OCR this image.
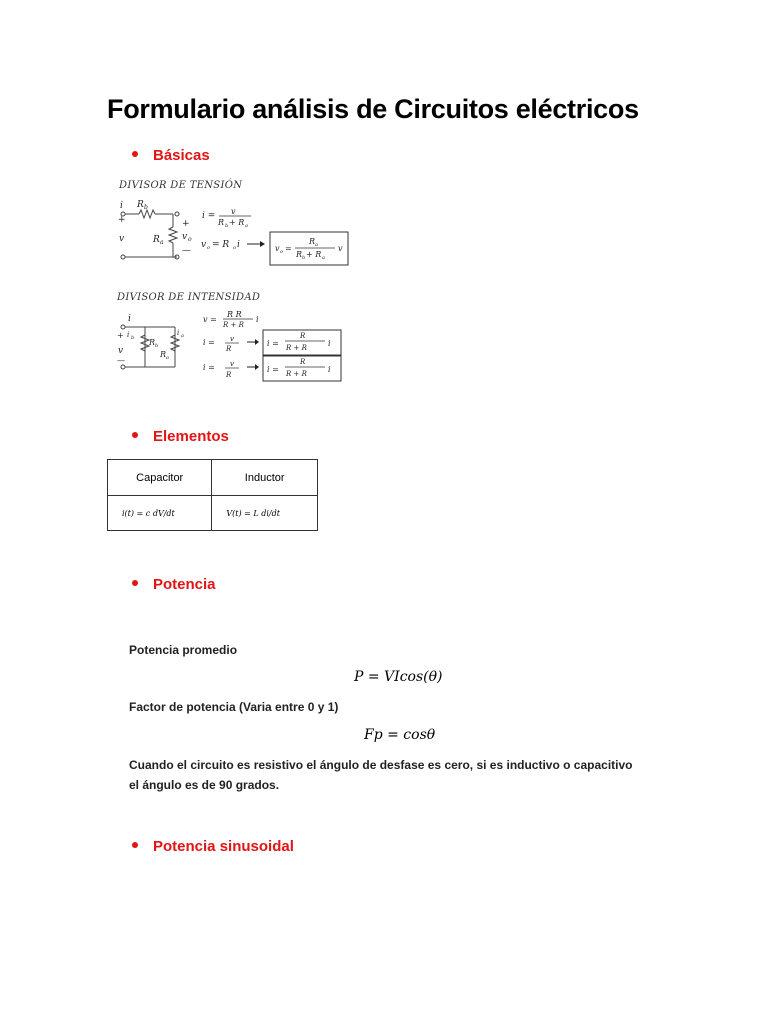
Formulario análisis de Circuitos eléctricos
Básicas
DIVISOR DE TENSIÓN
i R b
+
v	R a
+
v o
—
i = v
R b + R a
v o = R o i	v o =
R a
R b + R a
v
DIVISOR DE INTENSIDAD
i
+ i b
v
—
R b
R a
i a
v =
R R
R + R
i
i = v
R
i = v
R
i =
R
R + R	i
i =
R
R + R	i
Elementos
Capacitor	Inductor
i(t) = c dV/dt	V(t) = L di/dt
Potencia
Potencia promedio
P = VIcos(θ)
Factor de potencia (Varia entre 0 y 1)
Fp = cosθ
Cuando el circuito es resistivo el ángulo de desfase es cero, si es inductivo o capacitivo el ángulo es de 90 grados.
Potencia sinusoidal
